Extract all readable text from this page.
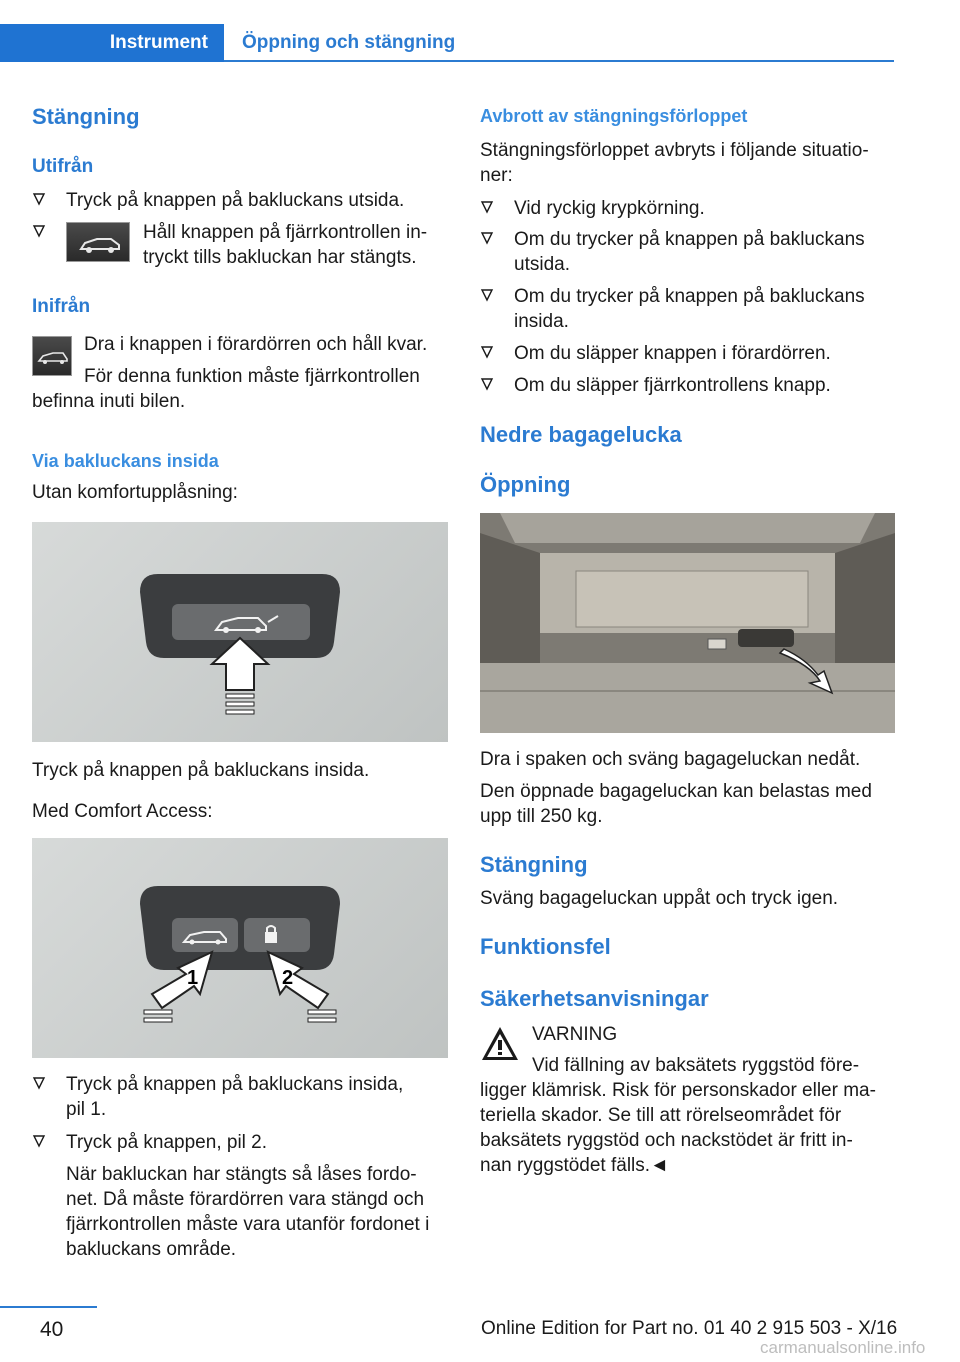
Instrument	Öppning och stängning
Stängning
Utifrån
Tryck på knappen på bakluckans utsida.
Håll knappen på fjärrkontrollen in-
tryckt tills bakluckan har stängts.
Inifrån
Dra i knappen i förardörren och håll kvar.
För denna funktion måste fjärrkontrollen
befinna inuti bilen.
Via bakluckans insida
Utan komfortupplåsning:
Tryck på knappen på bakluckans insida.
Med Comfort Access:
1	2
Tryck på knappen på bakluckans insida,
pil 1.
Tryck på knappen, pil 2.
När bakluckan har stängts så låses fordo-
net. Då måste förardörren vara stängd och
fjärrkontrollen måste vara utanför fordonet i
bakluckans område.
Avbrott av stängningsförloppet
Stängningsförloppet avbryts i följande situatio-
ner:
Vid ryckig krypkörning.
Om du trycker på knappen på bakluckans
utsida.
Om du trycker på knappen på bakluckans
insida.
Om du släpper knappen i förardörren.
Om du släpper fjärrkontrollens knapp.
Nedre bagagelucka
Öppning
Dra i spaken och sväng bagageluckan nedåt.
Den öppnade bagageluckan kan belastas med
upp till 250 kg.
Stängning
Sväng bagageluckan uppåt och tryck igen.
Funktionsfel
Säkerhetsanvisningar
VARNING
Vid fällning av baksätets ryggstöd före-
ligger klämrisk. Risk för personskador eller ma-
teriella skador. Se till att rörelseområdet för
baksätets ryggstöd och nackstödet är fritt in-
nan ryggstödet fälls.◄
40	Online Edition for Part no. 01 40 2 915 503 - X/16
carmanualsonline.info
